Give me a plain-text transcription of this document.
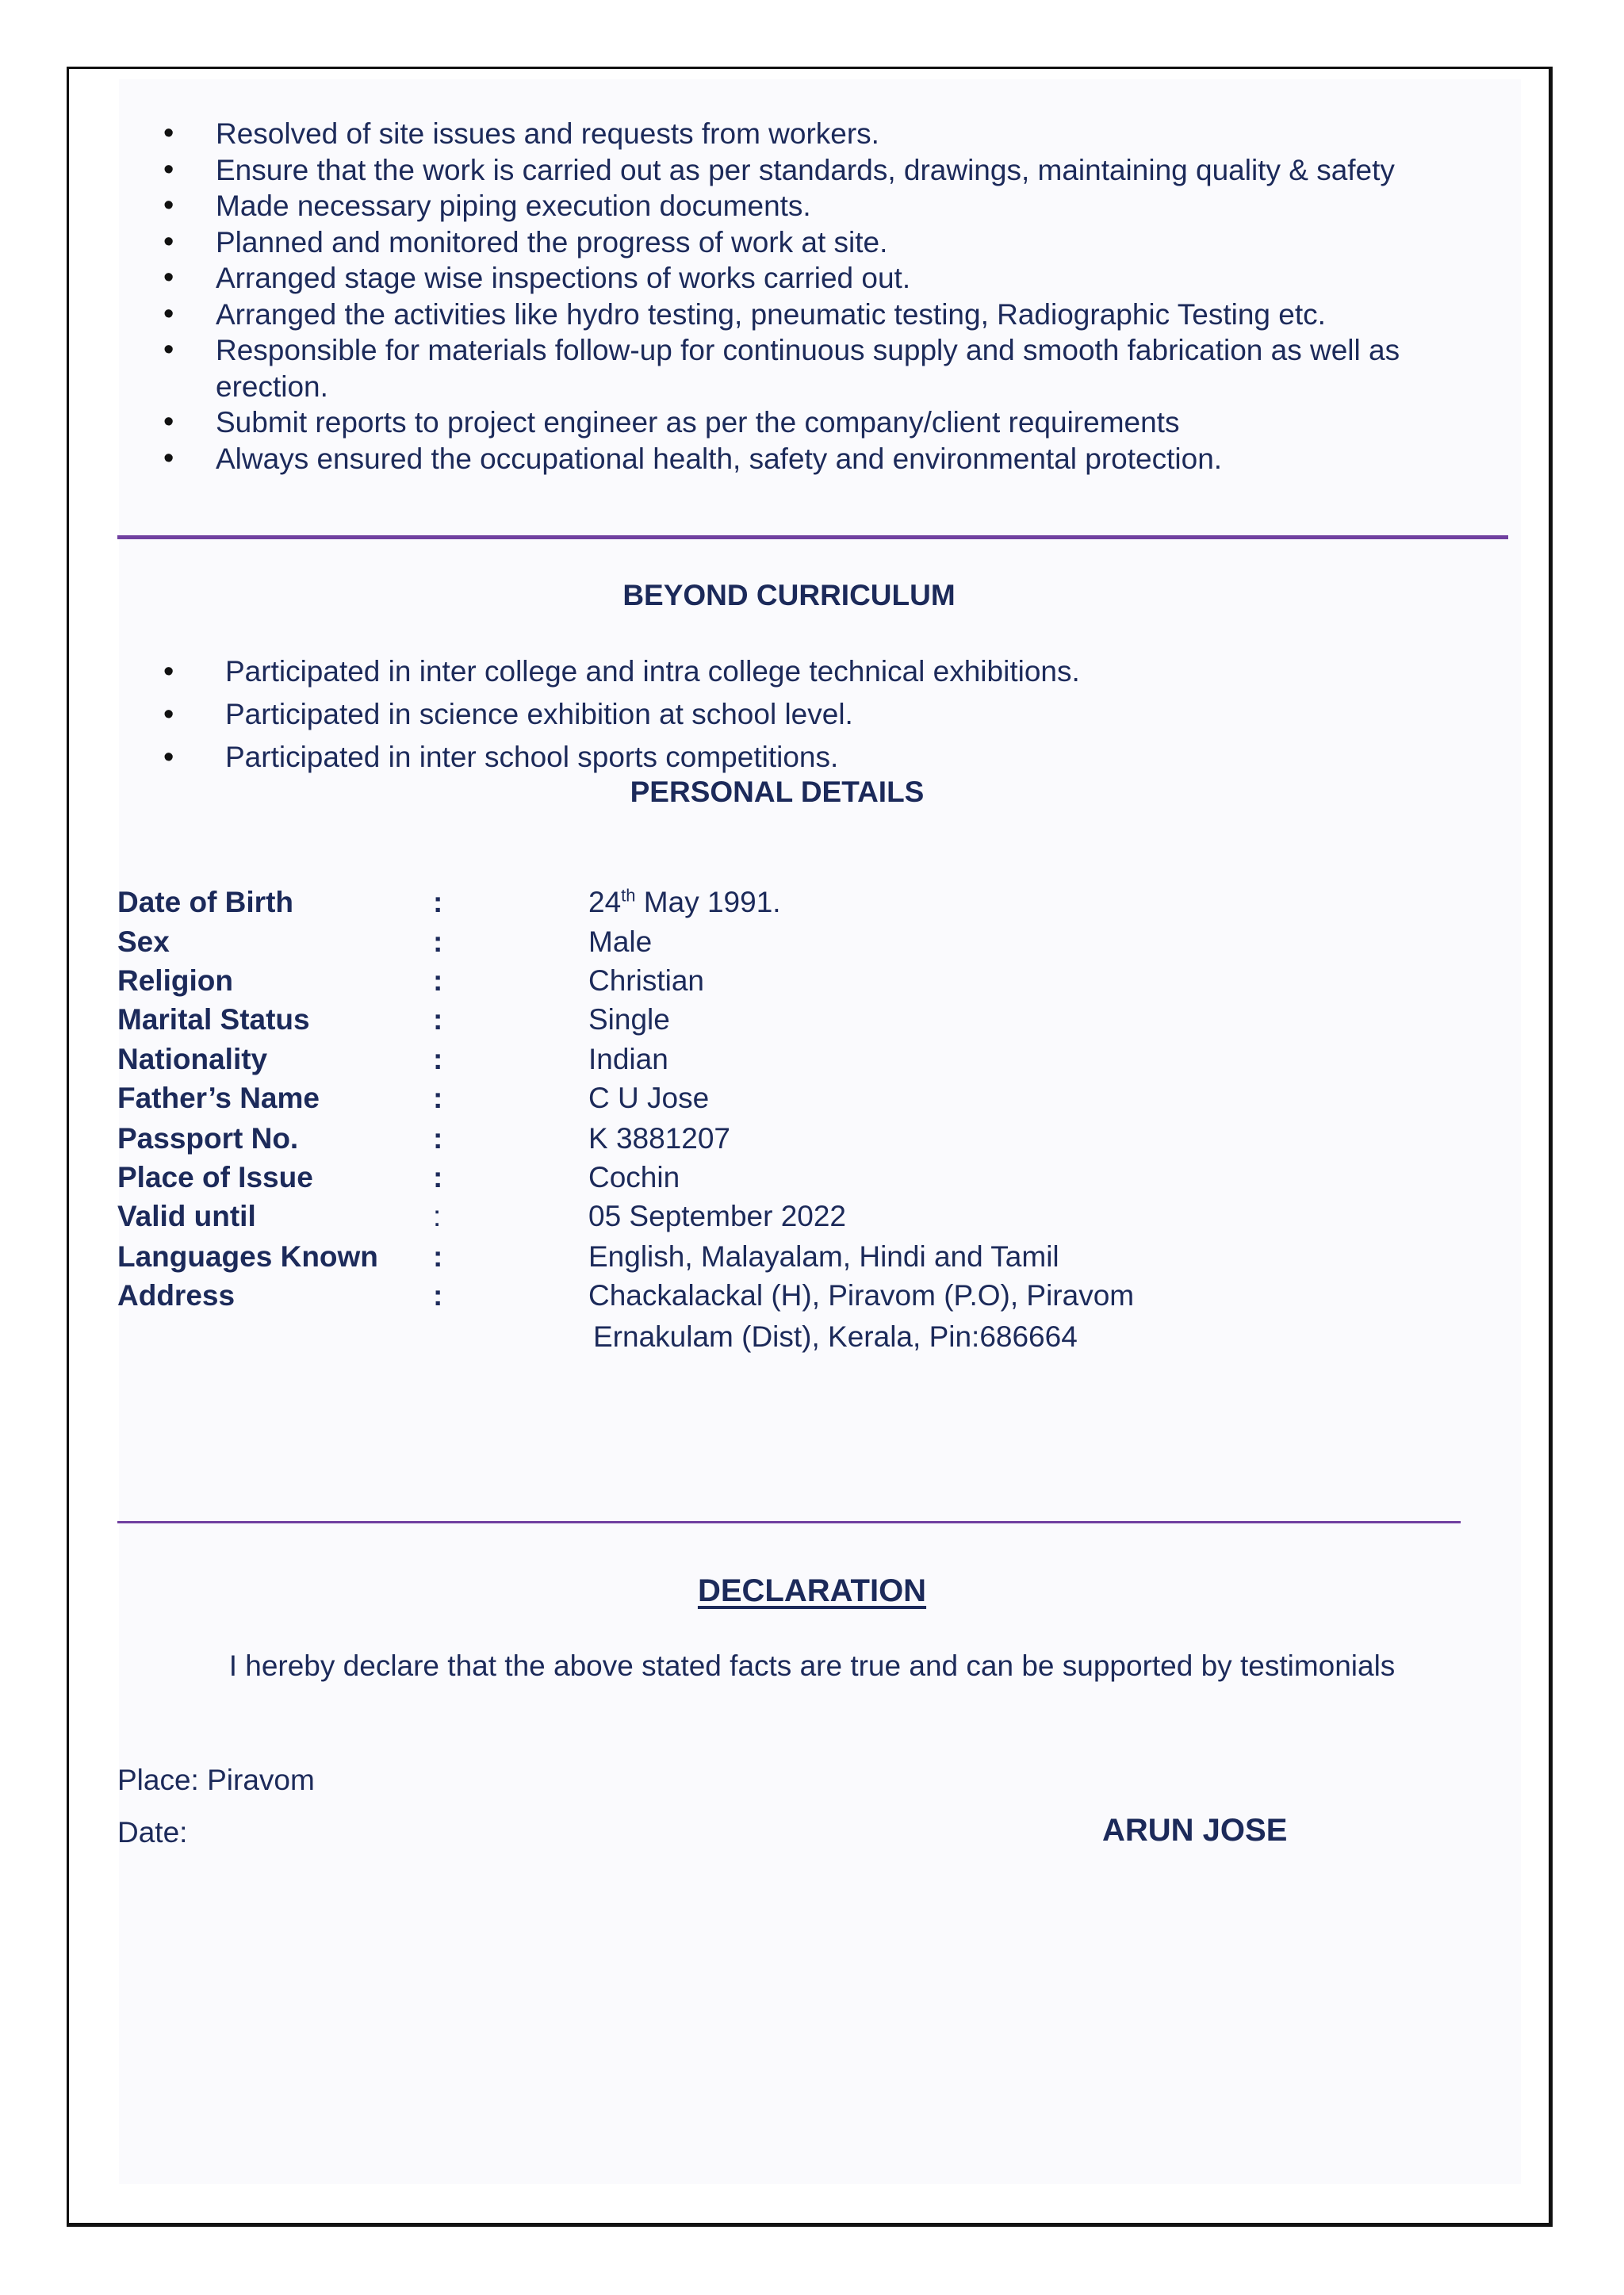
• Resolved of site issues and requests from workers.
• Ensure that the work is carried out as per standards, drawings, maintaining quality & safety
• Made necessary piping execution documents.
• Planned and monitored the progress of work at site.
• Arranged stage wise inspections of works carried out.
• Arranged the activities like hydro testing, pneumatic testing, Radiographic Testing etc.
• Responsible for materials follow-up for continuous supply and smooth fabrication as well as erection.
• Submit reports to project engineer as per the company/client requirements
• Always ensured the occupational health, safety and environmental protection.
BEYOND CURRICULUM
• Participated in inter college and intra college technical exhibitions.
• Participated in science exhibition at school level.
• Participated in inter school sports competitions.
PERSONAL DETAILS
Date of Birth	:	24th May 1991.
Sex	:	Male
Religion	:	Christian
Marital Status	:	Single
Nationality	:	Indian
Father’s Name	:	C U Jose
Passport No.	:	K 3881207
Place of Issue	:	Cochin
Valid until	:	05 September 2022
Languages Known :	English, Malayalam, Hindi and Tamil
Address	:	Chackalackal (H), Piravom (P.O), Piravom
Ernakulam (Dist), Kerala, Pin:686664
DECLARATION
I hereby declare that the above stated facts are true and can be supported by testimonials
Place: Piravom
Date:	ARUN JOSE
